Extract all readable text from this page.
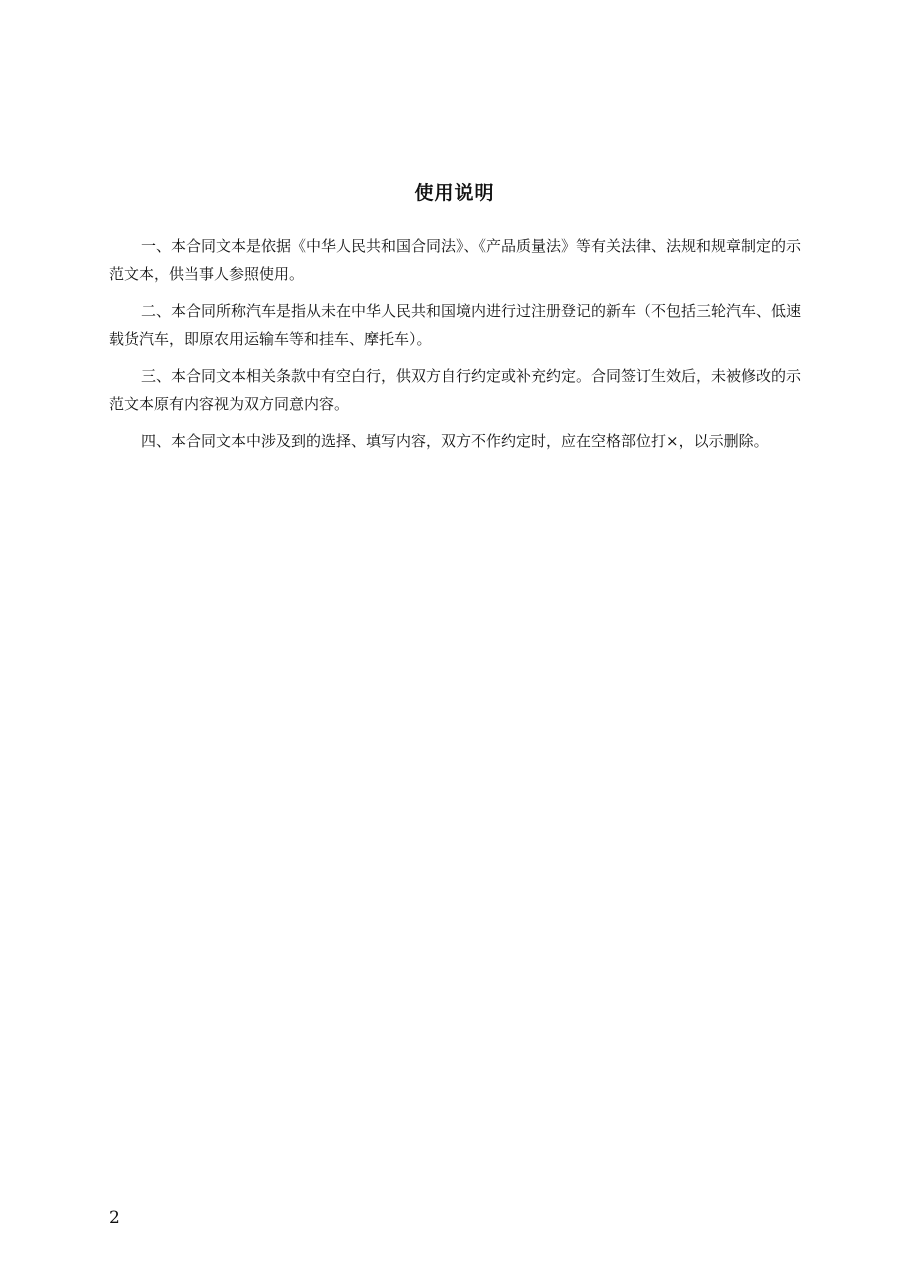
使用说明

一、本合同文本是依据《中华人民共和国合同法》、《产品质量法》等有关法律、法规和规章制定的示范文本，供当事人参照使用。

二、本合同所称汽车是指从未在中华人民共和国境内进行过注册登记的新车（不包括三轮汽车、低速载货汽车，即原农用运输车等和挂车、摩托车）。

三、本合同文本相关条款中有空白行，供双方自行约定或补充约定。合同签订生效后，未被修改的示范文本原有内容视为双方同意内容。

四、本合同文本中涉及到的选择、填写内容，双方不作约定时，应在空格部位打×，以示删除。

2
